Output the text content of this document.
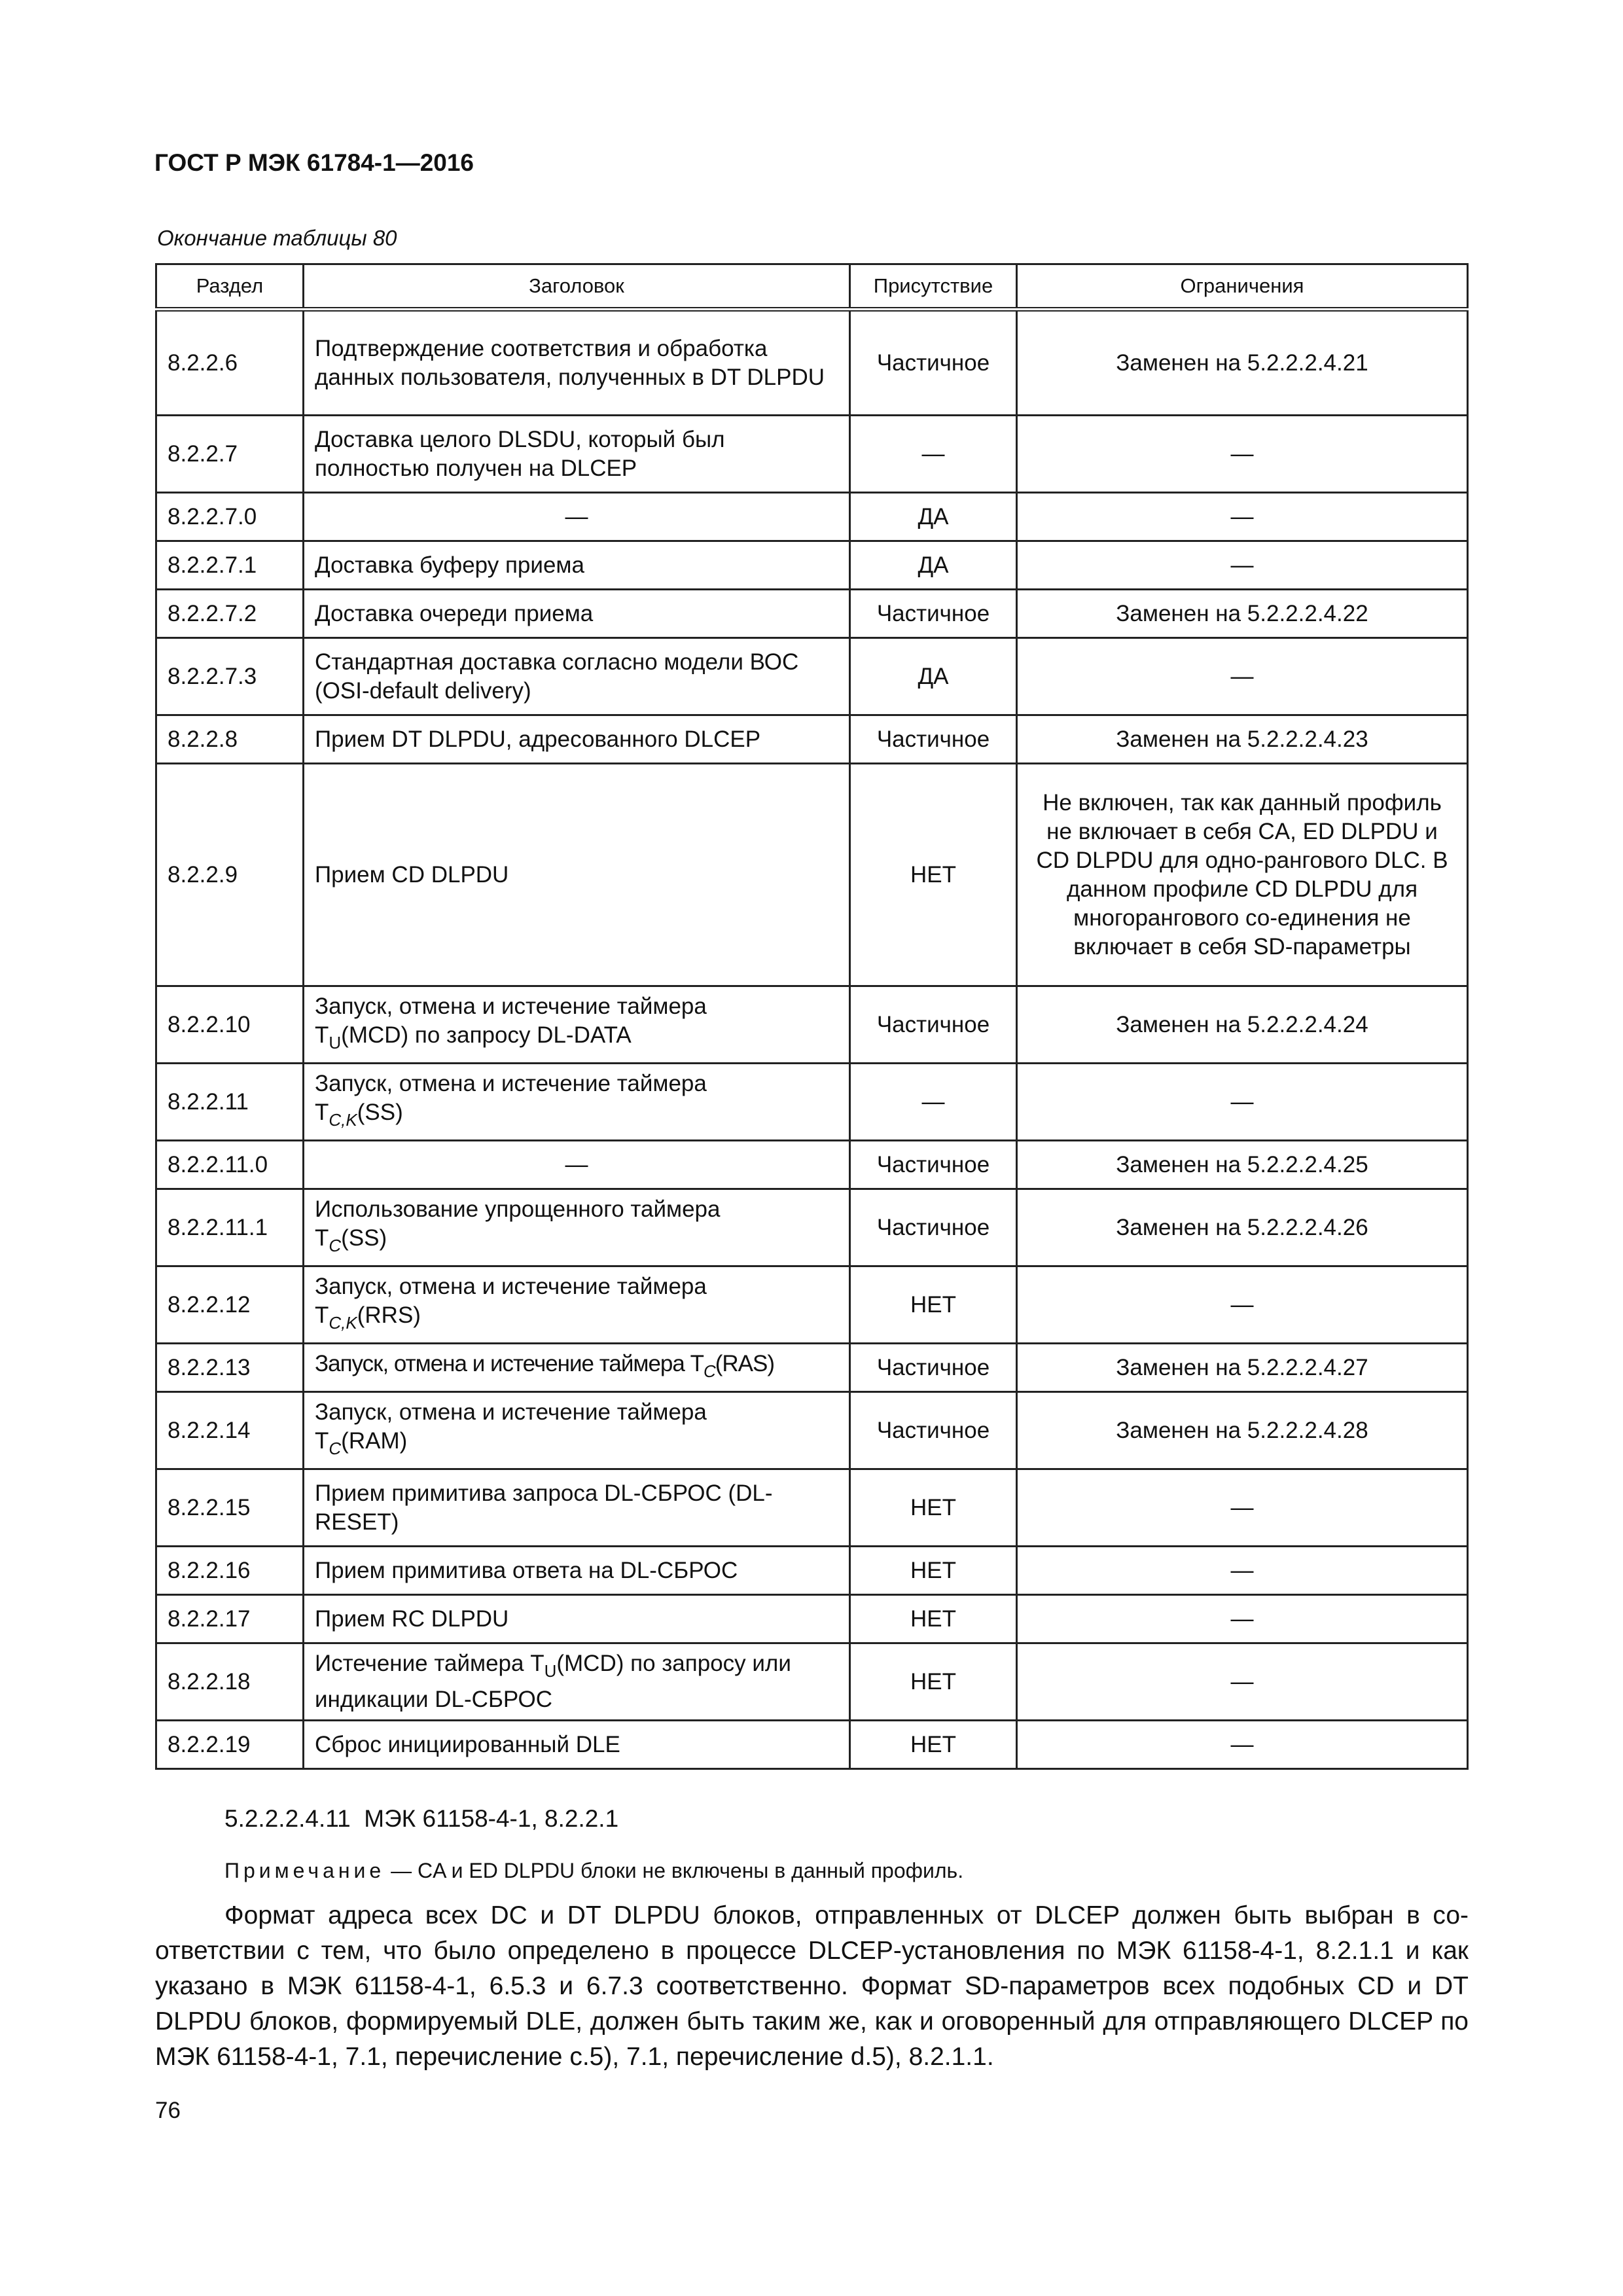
ГОСТ Р МЭК 61784-1—2016
Окончание таблицы 80
Раздел	Заголовок	Присутствие	Ограничения
8.2.2.6	Подтверждение соответствия и обработка данных пользователя, полученных в DT DLPDU	Частичное	Заменен на 5.2.2.2.4.21
8.2.2.7	Доставка целого DLSDU, который был полностью получен на DLCEP	—	—
8.2.2.7.0	—	ДА	—
8.2.2.7.1	Доставка буферу приема	ДА	—
8.2.2.7.2	Доставка очереди приема	Частичное	Заменен на 5.2.2.2.4.22
8.2.2.7.3	Стандартная доставка согласно модели ВОС (OSI-default delivery)	ДА	—
8.2.2.8	Прием DT DLPDU, адресованного DLCEP	Частичное	Заменен на 5.2.2.2.4.23
8.2.2.9	Прием CD DLPDU	НЕТ	Не включен, так как данный профиль не включает в себя CA, ED DLPDU и CD DLPDU для одно-рангового DLC. В данном профиле CD DLPDU для многорангового со-единения не включает в себя SD-параметры
8.2.2.10	Запуск, отмена и истечение таймера
$T_U(MCD)$ по запросу DL-DATA	Частичное	Заменен на 5.2.2.2.4.24
8.2.2.11	Запуск, отмена и истечение таймера
$T_{C,K}(SS)$	—	—
8.2.2.11.0	—	Частичное	Заменен на 5.2.2.2.4.25
8.2.2.11.1	Использование упрощенного таймера
$T_C(SS)$	Частичное	Заменен на 5.2.2.2.4.26
8.2.2.12	Запуск, отмена и истечение таймера
$T_{C,K}(RRS)$	НЕТ	—
8.2.2.13	Запуск, отмена и истечение таймера $T_C(RAS)$	Частичное	Заменен на 5.2.2.2.4.27
8.2.2.14	Запуск, отмена и истечение таймера
$T_C(RAM)$	Частичное	Заменен на 5.2.2.2.4.28
8.2.2.15	Прием примитива запроса DL-СБРОС (DL-RESET)	НЕТ	—
8.2.2.16	Прием примитива ответа на DL-СБРОС	НЕТ	—
8.2.2.17	Прием RC DLPDU	НЕТ	—
8.2.2.18	Истечение таймера $T_U(MCD)$ по запросу или индикации DL-СБРОС	НЕТ	—
8.2.2.19	Сброс инициированный DLE	НЕТ	—
5.2.2.2.4.11  МЭК 61158-4-1, 8.2.2.1
Примечание — CA и ED DLPDU блоки не включены в данный профиль.

Формат адреса всех DC и DT DLPDU блоков, отправленных от DLCEP должен быть выбран в со-ответствии с тем, что было определено в процессе DLCEP-установления по МЭК 61158-4-1, 8.2.1.1 и как указано в МЭК 61158-4-1, 6.5.3 и 6.7.3 соответственно. Формат SD-параметров всех подобных CD и DT DLPDU блоков, формируемый DLE, должен быть таким же, как и оговоренный для отправляющего DLCEP по МЭК 61158-4-1, 7.1, перечисление c.5), 7.1, перечисление d.5), 8.2.1.1.

76
